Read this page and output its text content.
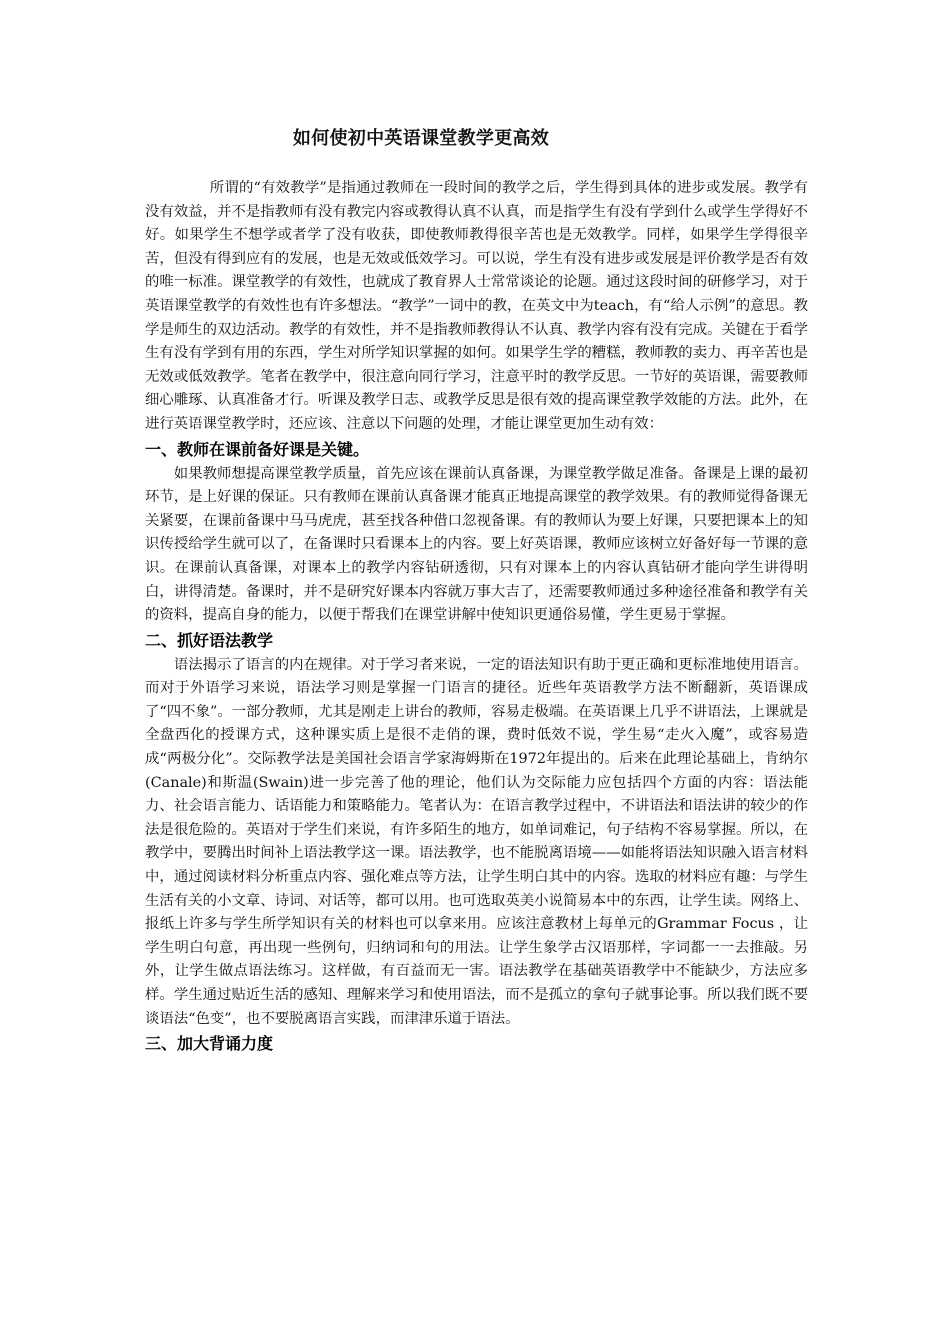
如何使初中英语课堂教学更高效

所谓的“有效教学”是指通过教师在一段时间的教学之后，学生得到具体的进步或发展。教学有没有效益，并不是指教师有没有教完内容或教得认真不认真，而是指学生有没有学到什么或学生学得好不好。如果学生不想学或者学了没有收获，即使教师教得很辛苦也是无效教学。同样，如果学生学得很辛苦，但没有得到应有的发展，也是无效或低效学习。可以说，学生有没有进步或发展是评价教学是否有效的唯一标准。课堂教学的有效性，也就成了教育界人士常常谈论的论题。通过这段时间的研修学习，对于英语课堂教学的有效性也有许多想法。“教学”一词中的教，在英文中为teach，有“给人示例”的意思。教学是师生的双边活动。教学的有效性，并不是指教师教得认不认真、教学内容有没有完成。关键在于看学生有没有学到有用的东西，学生对所学知识掌握的如何。如果学生学的糟糕，教师教的卖力、再辛苦也是无效或低效教学。笔者在教学中，很注意向同行学习，注意平时的教学反思。一节好的英语课，需要教师细心雕琢、认真准备才行。听课及教学日志、或教学反思是很有效的提高课堂教学效能的方法。此外，在进行英语课堂教学时，还应该、注意以下问题的处理，才能让课堂更加生动有效：

一、教师在课前备好课是关键。

如果教师想提高课堂教学质量，首先应该在课前认真备课，为课堂教学做足准备。备课是上课的最初环节，是上好课的保证。只有教师在课前认真备课才能真正地提高课堂的教学效果。有的教师觉得备课无关紧要，在课前备课中马马虎虎，甚至找各种借口忽视备课。有的教师认为要上好课，只要把课本上的知识传授给学生就可以了，在备课时只看课本上的内容。要上好英语课，教师应该树立好备好每一节课的意识。在课前认真备课，对课本上的教学内容钻研透彻，只有对课本上的内容认真钻研才能向学生讲得明白，讲得清楚。备课时，并不是研究好课本内容就万事大吉了，还需要教师通过多种途径准备和教学有关的资料，提高自身的能力，以便于帮我们在课堂讲解中使知识更通俗易懂，学生更易于掌握。

二、抓好语法教学

语法揭示了语言的内在规律。对于学习者来说，一定的语法知识有助于更正确和更标准地使用语言。而对于外语学习来说，语法学习则是掌握一门语言的捷径。近些年英语教学方法不断翻新，英语课成了“四不象”。一部分教师，尤其是刚走上讲台的教师，容易走极端。在英语课上几乎不讲语法，上课就是全盘西化的授课方式，这种课实质上是很不走俏的课，费时低效不说，学生易“走火入魔”，或容易造成“两极分化”。交际教学法是美国社会语言学家海姆斯在1972年提出的。后来在此理论基础上，肯纳尔(Canale)和斯温(Swain)进一步完善了他的理论，他们认为交际能力应包括四个方面的内容：语法能力、社会语言能力、话语能力和策略能力。笔者认为：在语言教学过程中，不讲语法和语法讲的较少的作法是很危险的。英语对于学生们来说，有许多陌生的地方，如单词难记，句子结构不容易掌握。所以，在教学中，要腾出时间补上语法教学这一课。语法教学，也不能脱离语境——如能将语法知识融入语言材料中，通过阅读材料分析重点内容、强化难点等方法，让学生明白其中的内容。选取的材料应有趣：与学生生活有关的小文章、诗词、对话等，都可以用。也可选取英美小说简易本中的东西，让学生读。网络上、报纸上许多与学生所学知识有关的材料也可以拿来用。应该注意教材上每单元的Grammar Focus ，让学生明白句意，再出现一些例句，归纳词和句的用法。让学生象学古汉语那样，字词都一一去推敲。另外，让学生做点语法练习。这样做，有百益而无一害。语法教学在基础英语教学中不能缺少，方法应多样。学生通过贴近生活的感知、理解来学习和使用语法，而不是孤立的拿句子就事论事。所以我们既不要谈语法“色变”，也不要脱离语言实践，而津津乐道于语法。

三、加大背诵力度
